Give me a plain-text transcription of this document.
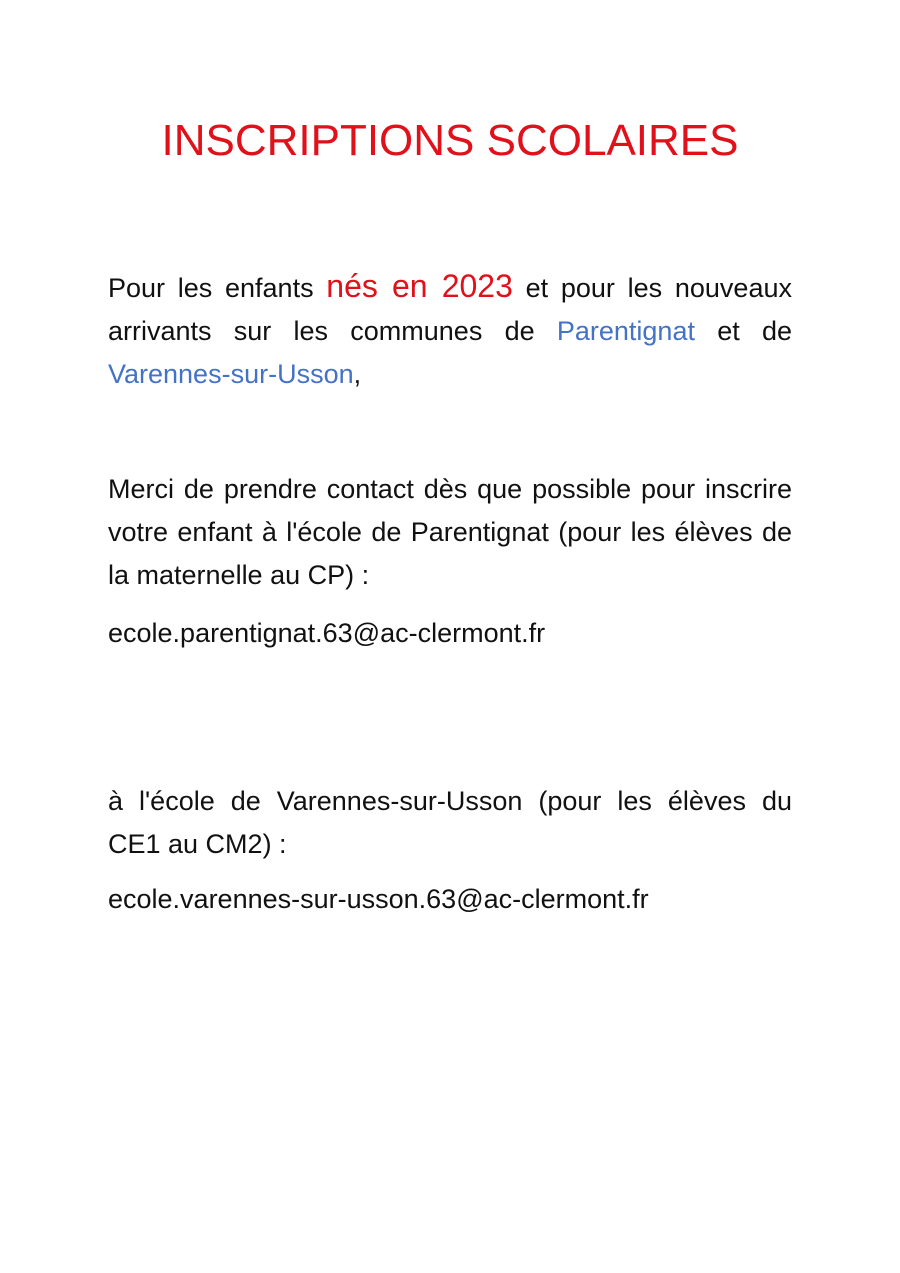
INSCRIPTIONS SCOLAIRES

Pour les enfants nés en 2023 et pour les nouveaux arrivants sur les communes de Parentignat et de Varennes-sur-Usson,

Merci de prendre contact dès que possible pour inscrire votre enfant à l'école de Parentignat (pour les élèves de la maternelle au CP) :

ecole.parentignat.63@ac-clermont.fr

à l'école de Varennes-sur-Usson (pour les élèves du CE1 au CM2) :

ecole.varennes-sur-usson.63@ac-clermont.fr
